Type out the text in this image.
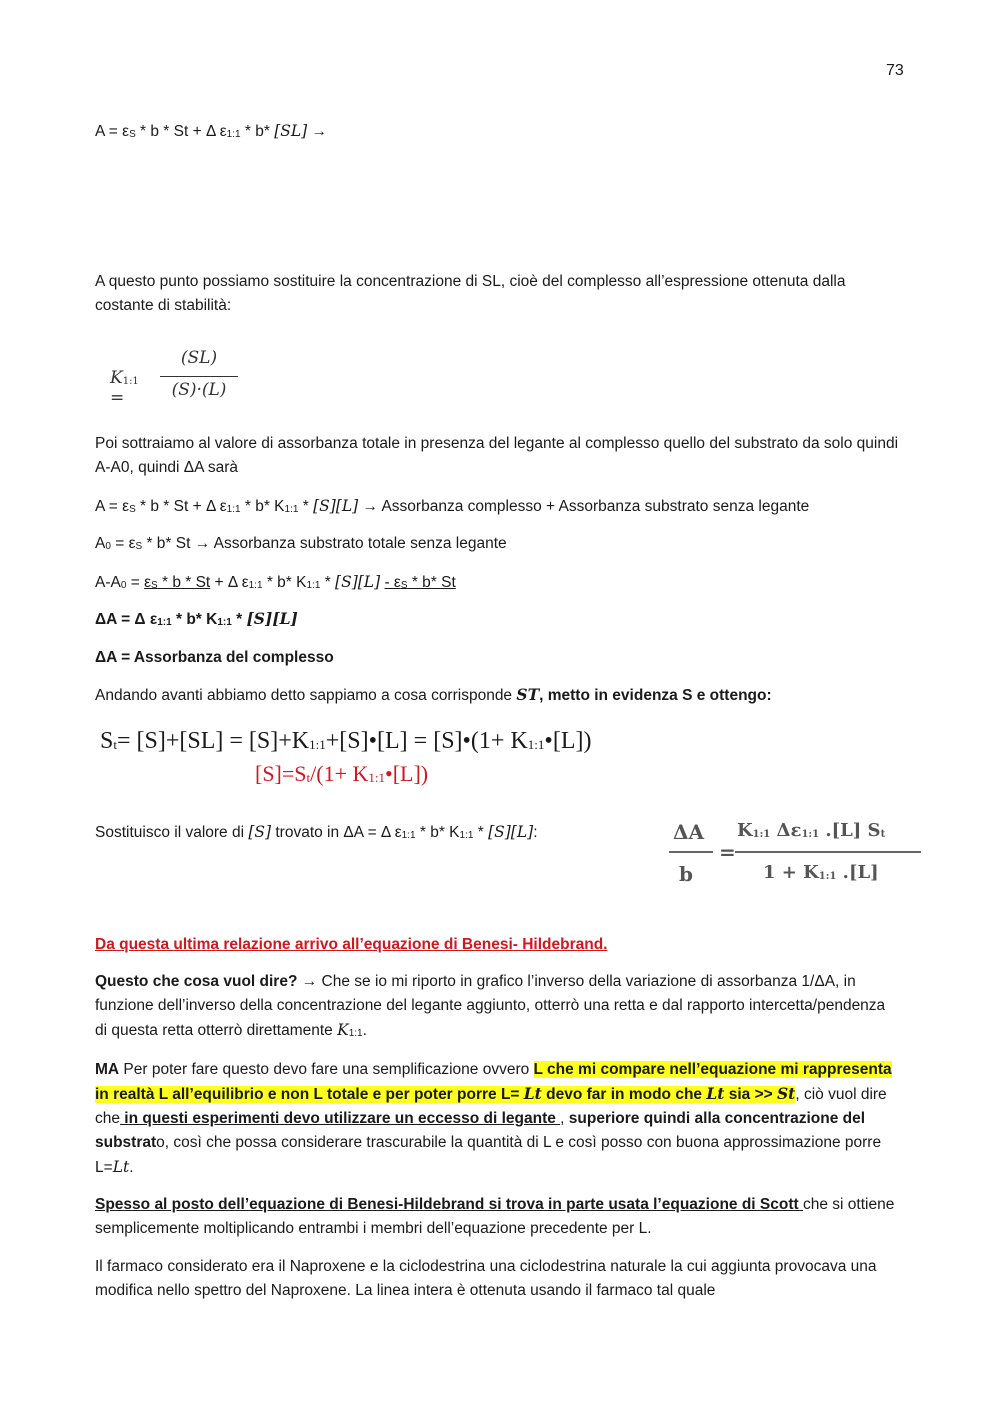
73
$A = \varepsilon_S * b * St + \Delta$ $\varepsilon_{1:1} * b*$ [SL] →
A questo punto possiamo sostituire la concentrazione di SL, cioè del complesso all’espressione ottenuta dalla costante di stabilità:
$K_{1:1}$ =
(SL)
(S)·(L)
Poi sottraiamo al valore di assorbanza totale in presenza del legante al complesso quello del substrato da solo quindi A-A0, quindi ΔA sarà
$A = \varepsilon_S * b * St + \Delta$ $\varepsilon_{1:1} * b*$ $K_{1:1} * [S][L]$ → Assorbanza complesso + Assorbanza substrato senza legante
$A_0 = \varepsilon_S * b*$ St → Assorbanza substrato totale senza legante
$A-A_0 = \varepsilon_S * b * St + \Delta$ $\varepsilon_{1:1} * b*$ $K_{1:1} * [S][L] - \varepsilon_S * b*$ St
ΔA = Δ $\varepsilon_{1:1} * b*$ $K_{1:1} * [S][L]$
ΔA = Assorbanza del complesso
Andando avanti abbiamo detto sappiamo a cosa corrisponde ST, metto in evidenza S e ottengo:
$S_t= [S]+[SL]$ = $[S]+K_{1:1}+[S]•[L]$ = [S]•(1+ $K_{1:1}•[L]$)
$[S]=S_t/(1+$ $K_{1:1}•[L]$)
Sostituisco il valore di [S] trovato in ΔA = Δ $\varepsilon_{1:1} * b*$ $K_{1:1} * [S][L]$:	ΔA
b
=
$K_{1:1}$ $\Delta\varepsilon_{1:1}$ .[L] $S_t$
$1 + K_{1:1}$ .[L]
Da questa ultima relazione arrivo all’equazione di Benesi- Hildebrand.
Questo che cosa vuol dire? → Che se io mi riporto in grafico l’inverso della variazione di assorbanza 1/ΔA, in funzione dell’inverso della concentrazione del legante aggiunto, otterrò una retta e dal rapporto intercetta/pendenza di questa retta otterrò direttamente $K_{1:1}$.
MA Per poter fare questo devo fare una semplificazione ovvero L che mi compare nell’equazione mi rappresenta in realtà L all’equilibrio e non L totale e per poter porre L= Lt devo far in modo che Lt sia >> St, ciò vuol dire che in questi esperimenti devo utilizzare un eccesso di legante , superiore quindi alla concentrazione del substrato, così che possa considerare trascurabile la quantità di L e così posso con buona approssimazione porre L=Lt.
Spesso al posto dell’equazione di Benesi-Hildebrand si trova in parte usata l’equazione di Scott che si ottiene semplicemente moltiplicando entrambi i membri dell’equazione precedente per L.
Il farmaco considerato era il Naproxene e la ciclodestrina una ciclodestrina naturale la cui aggiunta provocava una modifica nello spettro del Naproxene. La linea intera è ottenuta usando il farmaco tal quale
